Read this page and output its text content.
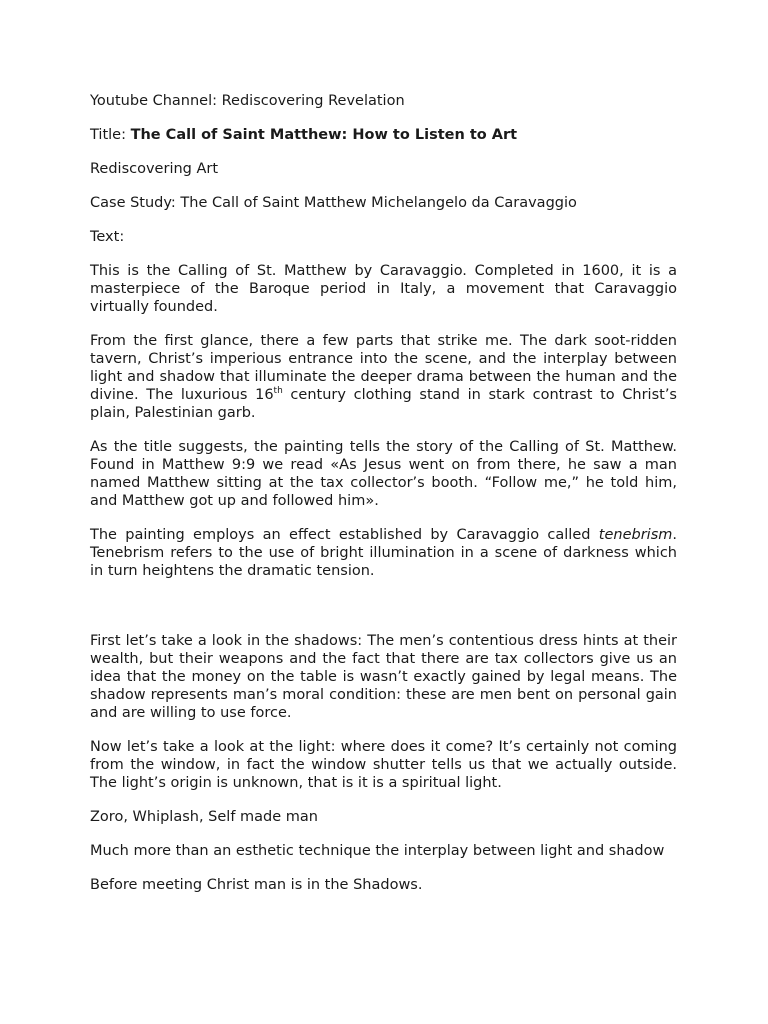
Youtube Channel: Rediscovering Revelation

Title: The Call of Saint Matthew: How to Listen to Art

Rediscovering Art

Case Study: The Call of Saint Matthew Michelangelo da Caravaggio

Text:

This is the Calling of St. Matthew by Caravaggio. Completed in 1600, it is a masterpiece of the Baroque period in Italy, a movement that Caravaggio virtually founded.

From the first glance, there a few parts that strike me. The dark soot-ridden tavern, Christ’s imperious entrance into the scene, and the interplay between light and shadow that illuminate the deeper drama between the human and the divine. The luxurious 16th century clothing stand in stark contrast to Christ’s plain, Palestinian garb.

As the title suggests, the painting tells the story of the Calling of St. Matthew. Found in Matthew 9:9 we read «As Jesus went on from there, he saw a man named Matthew sitting at the tax collector’s booth. “Follow me,” he told him, and Matthew got up and followed him».

The painting employs an effect established by Caravaggio called tenebrism. Tenebrism refers to the use of bright illumination in a scene of darkness which in turn heightens the dramatic tension.

First let’s take a look in the shadows: The men’s contentious dress hints at their wealth, but their weapons and the fact that there are tax collectors give us an idea that the money on the table is wasn’t exactly gained by legal means. The shadow represents man’s moral condition: these are men bent on personal gain and are willing to use force.

Now let’s take a look at the light: where does it come? It’s certainly not coming from the window, in fact the window shutter tells us that we actually outside. The light’s origin is unknown, that is it is a spiritual light.

Zoro, Whiplash, Self made man

Much more than an esthetic technique the interplay between light and shadow

Before meeting Christ man is in the Shadows.
